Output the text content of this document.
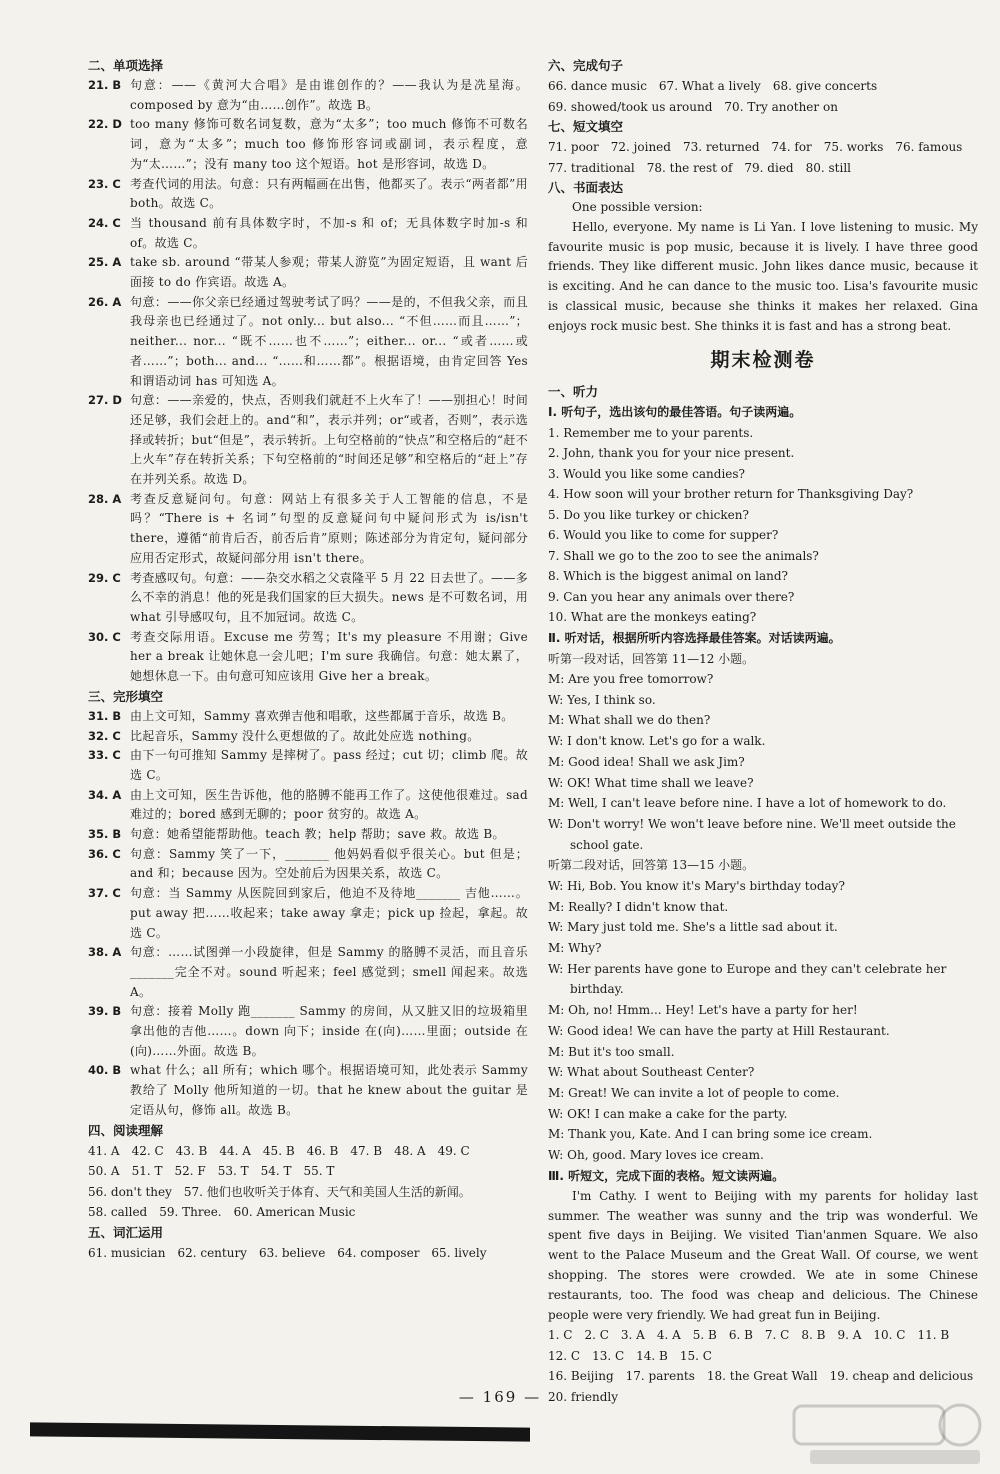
二、单项选择
21. B 句意：——《黄河大合唱》是由谁创作的？——我认为是冼星海。composed by 意为“由……创作”。故选 B。
22. D too many 修饰可数名词复数，意为“太多”；too much 修饰不可数名词，意为“太多”；much too 修饰形容词或副词，表示程度，意为“太……”；没有 many too 这个短语。hot 是形容词，故选 D。
23. C 考查代词的用法。句意：只有两幅画在出售，他都买了。表示“两者都”用 both。故选 C。
24. C 当 thousand 前有具体数字时，不加-s 和 of；无具体数字时加-s 和 of。故选 C。
25. A take sb. around “带某人参观；带某人游览”为固定短语，且 want 后面接 to do 作宾语。故选 A。
26. A 句意：——你父亲已经通过驾驶考试了吗？——是的，不但我父亲，而且我母亲也已经通过了。not only... but also... “不但……而且……”；neither... nor... “既不……也不……”；either... or... “或者……或者……”；both... and... “……和……都”。根据语境，由肯定回答 Yes 和谓语动词 has 可知选 A。
27. D 句意：——亲爱的，快点，否则我们就赶不上火车了！——别担心！时间还足够，我们会赶上的。and“和”，表示并列；or“或者，否则”，表示选择或转折；but“但是”，表示转折。上句空格前的“快点”和空格后的“赶不上火车”存在转折关系；下句空格前的“时间还足够”和空格后的“赶上”存在并列关系。故选 D。
28. A 考查反意疑问句。句意：网站上有很多关于人工智能的信息，不是吗？“There is + 名词”句型的反意疑问句中疑问形式为 is/isn't there，遵循“前肯后否，前否后肯”原则；陈述部分为肯定句，疑问部分应用否定形式，故疑问部分用 isn't there。
29. C 考查感叹句。句意：——杂交水稻之父袁隆平 5 月 22 日去世了。——多么不幸的消息！他的死是我们国家的巨大损失。news 是不可数名词，用 what 引导感叹句，且不加冠词。故选 C。
30. C 考查交际用语。Excuse me 劳驾；It's my pleasure 不用谢；Give her a break 让她休息一会儿吧；I'm sure 我确信。句意：她太累了，她想休息一下。由句意可知应该用 Give her a break。
三、完形填空
31. B 由上文可知，Sammy 喜欢弹吉他和唱歌，这些都属于音乐，故选 B。
32. C 比起音乐，Sammy 没什么更想做的了。故此处应选 nothing。
33. C 由下一句可推知 Sammy 是摔树了。pass 经过；cut 切；climb 爬。故选 C。
34. A 由上文可知，医生告诉他，他的胳膊不能再工作了。这使他很难过。sad 难过的；bored 感到无聊的；poor 贫穷的。故选 A。
35. B 句意：她希望能帮助他。teach 教；help 帮助；save 救。故选 B。
36. C 句意：Sammy 笑了一下，_______ 他妈妈看似乎很关心。but 但是；and 和；because 因为。空处前后为因果关系，故选 C。
37. C 句意：当 Sammy 从医院回到家后，他迫不及待地_______ 吉他……。put away 把……收起来；take away 拿走；pick up 捡起，拿起。故选 C。
38. A 句意：……试图弹一小段旋律，但是 Sammy 的胳膊不灵活，而且音乐_______完全不对。sound 听起来；feel 感觉到；smell 闻起来。故选 A。
39. B 句意：接着 Molly 跑_______ Sammy 的房间，从又脏又旧的垃圾箱里拿出他的吉他……。down 向下；inside 在(向)……里面；outside 在(向)……外面。故选 B。
40. B what 什么；all 所有；which 哪个。根据语境可知，此处表示 Sammy 教给了 Molly 他所知道的一切。that he knew about the guitar 是定语从句，修饰 all。故选 B。
四、阅读理解
41. A　42. C　43. B　44. A　45. B　46. B　47. B　48. A　49. C
50. A　51. T　52. F　53. T　54. T　55. T
56. don't they　57. 他们也收听关于体育、天气和美国人生活的新闻。
58. called　59. Three.　60. American Music
五、词汇运用
61. musician　62. century　63. believe　64. composer　65. lively
六、完成句子
66. dance music　67. What a lively　68. give concerts
69. showed/took us around　70. Try another on
七、短文填空
71. poor　72. joined　73. returned　74. for　75. works　76. famous
77. traditional　78. the rest of　79. died　80. still
八、书面表达
One possible version:
Hello, everyone. My name is Li Yan. I love listening to music. My favourite music is pop music, because it is lively. I have three good friends. They like different music. John likes dance music, because it is exciting. And he can dance to the music too. Lisa's favourite music is classical music, because she thinks it makes her relaxed. Gina enjoys rock music best. She thinks it is fast and has a strong beat.
期末检测卷
一、听力
Ⅰ. 听句子，选出该句的最佳答语。句子读两遍。
1. Remember me to your parents.
2. John, thank you for your nice present.
3. Would you like some candies?
4. How soon will your brother return for Thanksgiving Day?
5. Do you like turkey or chicken?
6. Would you like to come for supper?
7. Shall we go to the zoo to see the animals?
8. Which is the biggest animal on land?
9. Can you hear any animals over there?
10. What are the monkeys eating?
Ⅱ. 听对话，根据所听内容选择最佳答案。对话读两遍。
听第一段对话，回答第 11—12 小题。
M: Are you free tomorrow?
W: Yes, I think so.
M: What shall we do then?
W: I don't know. Let's go for a walk.
M: Good idea! Shall we ask Jim?
W: OK! What time shall we leave?
M: Well, I can't leave before nine. I have a lot of homework to do.
W: Don't worry! We won't leave before nine. We'll meet outside the school gate.
听第二段对话，回答第 13—15 小题。
W: Hi, Bob. You know it's Mary's birthday today?
M: Really? I didn't know that.
W: Mary just told me. She's a little sad about it.
M: Why?
W: Her parents have gone to Europe and they can't celebrate her birthday.
M: Oh, no! Hmm... Hey! Let's have a party for her!
W: Good idea! We can have the party at Hill Restaurant.
M: But it's too small.
W: What about Southeast Center?
M: Great! We can invite a lot of people to come.
W: OK! I can make a cake for the party.
M: Thank you, Kate. And I can bring some ice cream.
W: Oh, good. Mary loves ice cream.
Ⅲ. 听短文，完成下面的表格。短文读两遍。
I'm Cathy. I went to Beijing with my parents for holiday last summer. The weather was sunny and the trip was wonderful. We spent five days in Beijing. We visited Tian'anmen Square. We also went to the Palace Museum and the Great Wall. Of course, we went shopping. The stores were crowded. We ate in some Chinese restaurants, too. The food was cheap and delicious. The Chinese people were very friendly. We had great fun in Beijing.
1. C　2. C　3. A　4. A　5. B　6. B　7. C　8. B　9. A　10. C　11. B
12. C　13. C　14. B　15. C
16. Beijing　17. parents　18. the Great Wall　19. cheap and delicious
20. friendly
— 169 —
